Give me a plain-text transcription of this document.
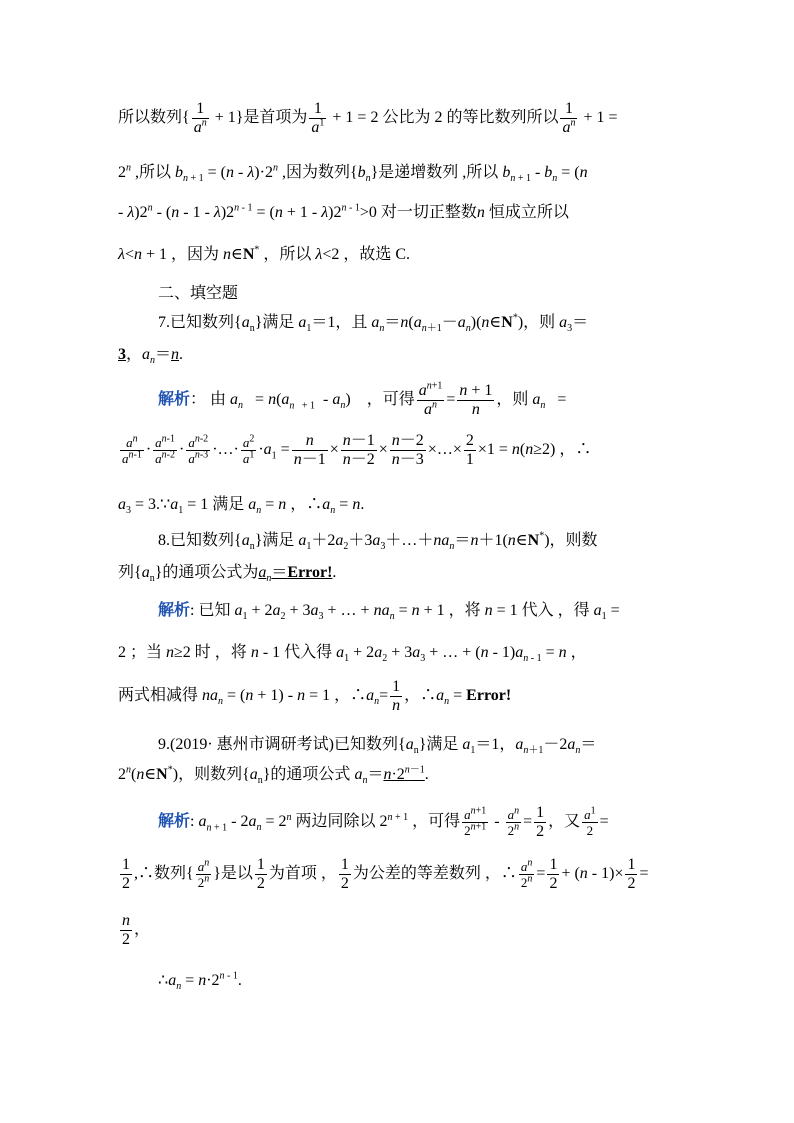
所以数列{ $\frac{1}{a^n} + 1$}是首项为 $\frac{1}{a^1} + 1 = 2$ 公比为 2 的等比数列所以 $\frac{1}{a^n} + 1$ =
$2^n$ ,所以 $b_{n + 1} = (n$ ‑ $\lambda)\cdot 2^n$ ,因为数列$\{b_n\}$是递增数列 ,所以 $b_{n + 1}$ ‑ $b_n = (n$
‑ λ)2$^n$ ‑ (n ‑ 1 ‑ $\lambda)2^{n ‑ 1} = (n + 1$ ‑ $\lambda)2^{n ‑ 1}>0$ 对一切正整数n 恒成立所以
λ<n + 1 ，因为 n∈N* ，所以 λ<2 ，故选 C.
二、填空题
7.已知数列$\{a_n\}$满足 $a_1=1$，且 $a_n=n(a_{n+1}-a_n)(n\in N^*)$，则 $a_3=$
3，$a_n=n$.
解析： 由 $a_n = n(a_{n + 1}$  ‑ $a_n$)    ，可得 $\frac{a^{n+1}}{a^n} = \frac{n + 1}{n}$ ，则 $a_n$   =
$\frac{a^n}{a^{n‑1}} \cdot \frac{a^{n‑1}}{a^{n‑2}} \cdot \frac{a^{n‑2}}{a^{n‑3}}$ ·…· $\frac{a^2}{a^1} \cdot a_1 = \frac{n}{n-1} \times \frac{n-1}{n-2} \times \frac{n-2}{n-3}$ ×…× $\frac{2}{1} \times 1 = n(n\ge 2)$ ，∴
$a_3$ = $3.\because a_1 = 1$ 满足 $a_n = n$ ，$\therefore a_n = n$.
8.已知数列$\{a_n\}$满足 $a_1+2a_2+3a_3+\dots+na_n=n+1(n\in N^*)$，则数
列$\{a_n\}$的通项公式为$a_n=Error$!.
解析: 已知 $a_1 + 2a_2 + 3a_3$ + … + $na_n = n + 1$ ，将 n = 1 代入 ，得 $a_1$ =
2 ；当 n≥2 时 ，将 n ‑ 1 代入得 $a_1 + 2a_2 + 3a_3$ + … + (n ‑ $1)a_{n ‑ 1} = n$ ，
两式相减得 $na_n = (n + 1)$ ‑ n = 1 ，$\therefore a_n= \frac{1}{n}$ ，$\therefore a_n$ = Error!
9.(2019· 惠州市调研考试)已知数列$\{a_n\}$满足 $a_1=1$，$a_{n+1}-2a_n=$
$2^n(n\in N^*)$，则数列$\{a_n\}$的通项公式 $a_n=n\cdot 2^{n-1}$.
解析: $a_{n + 1}$ ‑ $2a_n = 2^n$ 两边同除以 $2^{n + 1}$ ，可得 $\frac{a^{n+1}}{2^{n+1}}$ ‑ $\frac{a^n}{2^n} = \frac{1}{2}$ ，又 $\frac{a^1}{2}$ =
$\frac{1}{2}$ ,∴数列{ $\frac{a^n}{2^n}$ }是以 $\frac{1}{2}$ 为首项 ， $\frac{1}{2}$ 为公差的等差数列 ，∴ $\frac{a^n}{2^n} = \frac{1}{2} + (n$ ‑ $1)\times \frac{1}{2}$ =
$\frac{n}{2}$ ，
$\therefore a_n = n\cdot 2^{n ‑ 1}$.
